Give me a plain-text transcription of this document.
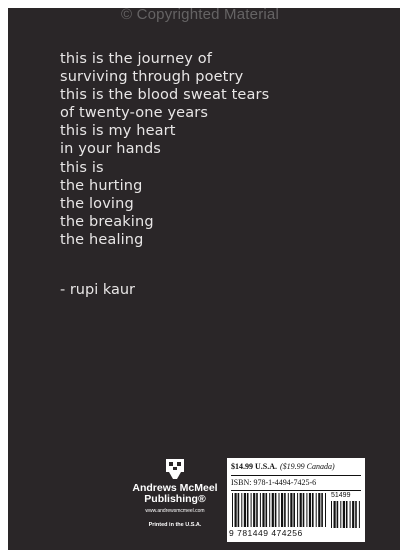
© Copyrighted Material
this is the journey of
surviving through poetry
this is the blood sweat tears
of twenty-one years
this is my heart
in your hands
this is
the hurting
the loving
the breaking
the healing
- rupi kaur
Andrews McMeel
Publishing®
www.andrewsmcmeel.com
Printed in the U.S.A.
$14.99 U.S.A. ($19.99 Canada)
ISBN: 978-1-4494-7425-6
51499
9 781449 474256
